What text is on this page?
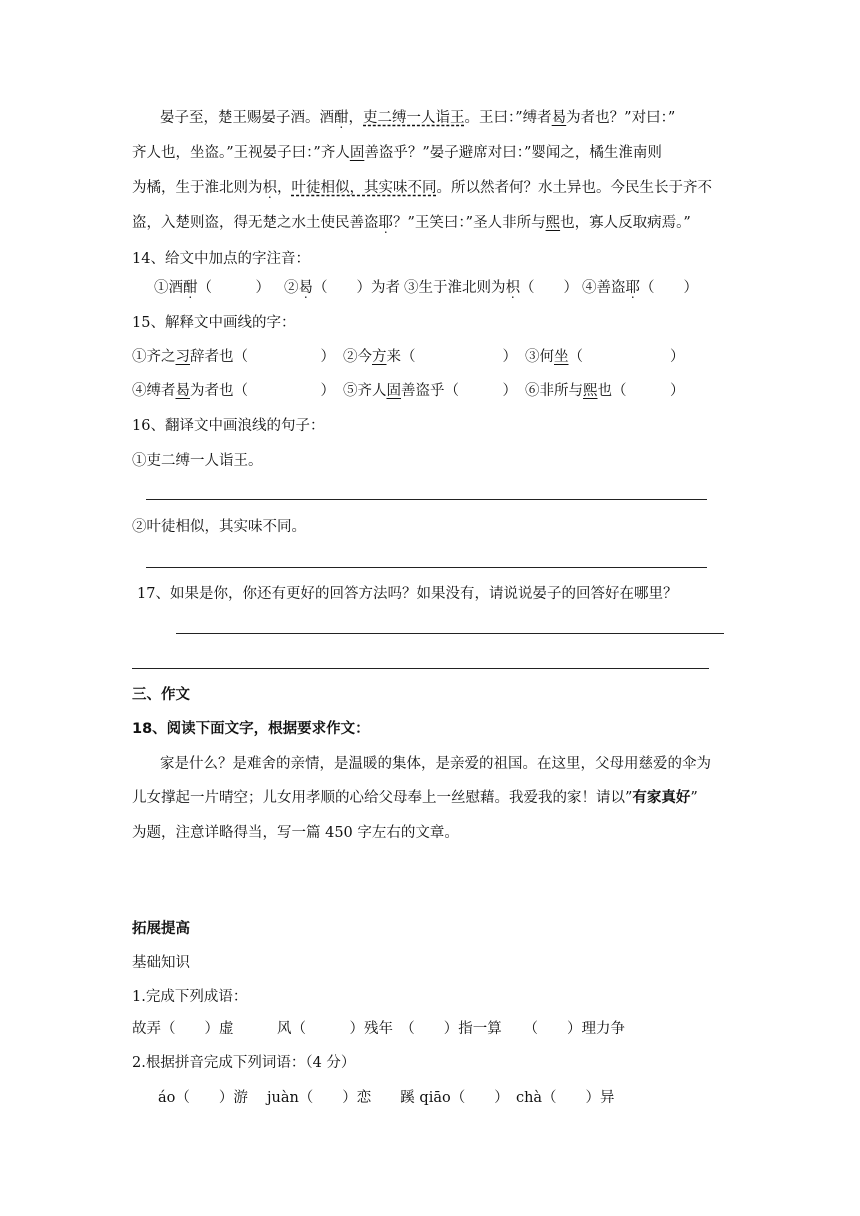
晏子至，楚王赐晏子酒。酒酣，吏二缚一人诣王。王曰：”缚者曷为者也？”对曰：”
齐人也，坐盗。”王视晏子曰：”齐人固善盗乎？”晏子避席对曰：”婴闻之，橘生淮南则
为橘，生于淮北则为枳，叶徒相似，其实味不同。所以然者何？水土异也。今民生长于齐不
盗，入楚则盗，得无楚之水土使民善盗耶？”王笑曰：”圣人非所与熙也，寡人反取病焉。”
14、给文中加点的字注音：
①酒酣（　　　） ②曷（　　）为者 ③生于淮北则为枳（　　） ④善盗耶（　　）
15、解释文中画线的字：
①齐之习辞者也（　　　　　） ②今方来（　　　　　　） ③何坐（　　　　　　）
④缚者曷为者也（　　　　　） ⑤齐人固善盗乎（　　　） ⑥非所与熙也（　　　）
16、翻译文中画浪线的句子：
①吏二缚一人诣王。
②叶徒相似，其实味不同。
17、如果是你，你还有更好的回答方法吗？如果没有，请说说晏子的回答好在哪里？
三、作文
18、阅读下面文字，根据要求作文：
家是什么？是难舍的亲情，是温暖的集体，是亲爱的祖国。在这里，父母用慈爱的伞为
儿女撑起一片晴空；儿女用孝顺的心给父母奉上一丝慰藉。我爱我的家！请以”有家真好”
为题，注意详略得当，写一篇 450 字左右的文章。
拓展提高
基础知识
1.完成下列成语：
故弄（　　）虚　　　风（　　　）残年　（　　）指一算　　（　　）理力争
2.根据拼音完成下列词语：（4 分）
áo（　　）游　 juàn（　　）恋　　蹊 qiāo（　　）　chà（　　）异
